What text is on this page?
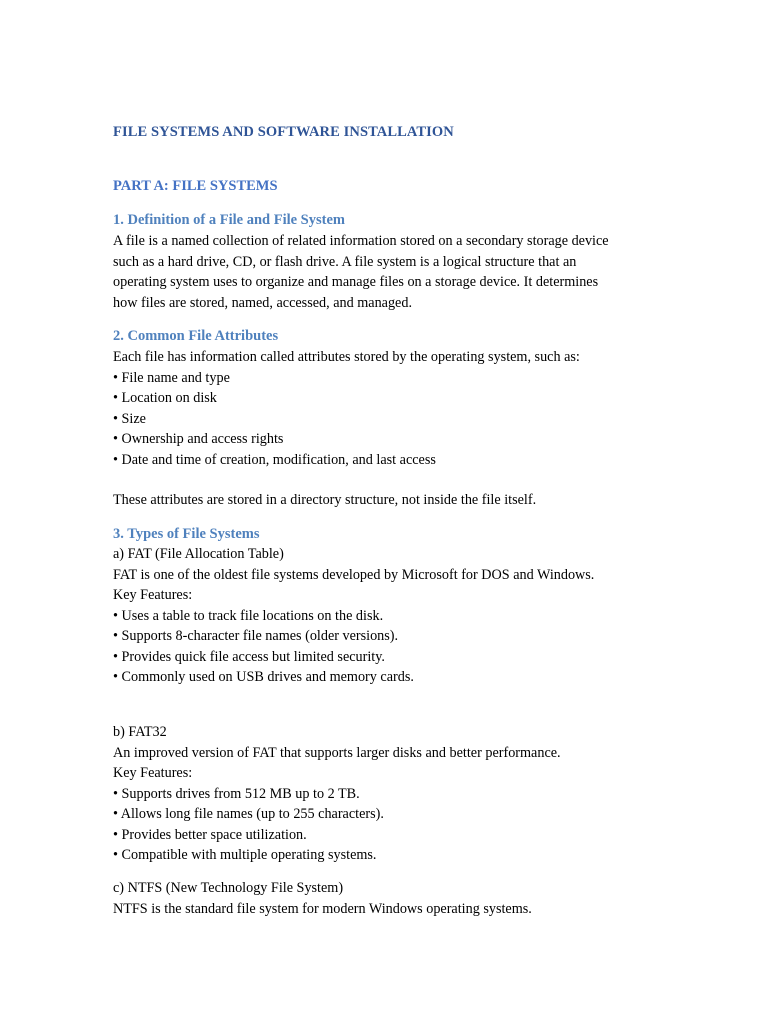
FILE SYSTEMS AND SOFTWARE INSTALLATION
PART A: FILE SYSTEMS
1. Definition of a File and File System
A file is a named collection of related information stored on a secondary storage device
such as a hard drive, CD, or flash drive. A file system is a logical structure that an
operating system uses to organize and manage files on a storage device. It determines
how files are stored, named, accessed, and managed.
2. Common File Attributes
Each file has information called attributes stored by the operating system, such as:
• File name and type
• Location on disk
• Size
• Ownership and access rights
• Date and time of creation, modification, and last access
These attributes are stored in a directory structure, not inside the file itself.
3. Types of File Systems
a) FAT (File Allocation Table)
FAT is one of the oldest file systems developed by Microsoft for DOS and Windows.
Key Features:
• Uses a table to track file locations on the disk.
• Supports 8-character file names (older versions).
• Provides quick file access but limited security.
• Commonly used on USB drives and memory cards.
b) FAT32
An improved version of FAT that supports larger disks and better performance.
Key Features:
• Supports drives from 512 MB up to 2 TB.
• Allows long file names (up to 255 characters).
• Provides better space utilization.
• Compatible with multiple operating systems.
c) NTFS (New Technology File System)
NTFS is the standard file system for modern Windows operating systems.
